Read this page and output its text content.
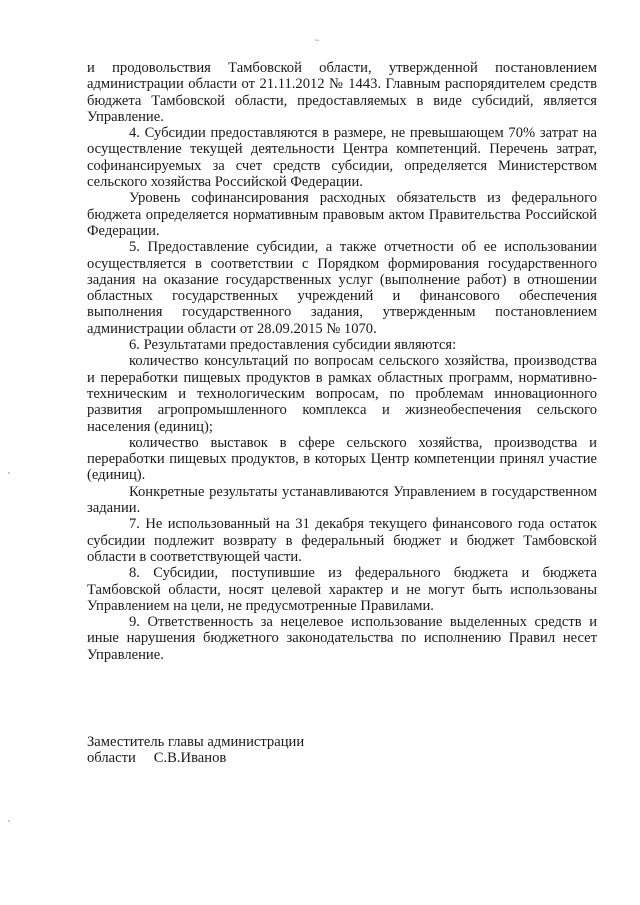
~

и продовольствия Тамбовской области, утвержденной постановлением администрации области от 21.11.2012 № 1443. Главным распорядителем средств бюджета Тамбовской области, предоставляемых в виде субсидий, является Управление.

4. Субсидии предоставляются в размере, не превышающем 70% затрат на осуществление текущей деятельности Центра компетенций. Перечень затрат, софинансируемых за счет средств субсидии, определяется Министерством сельского хозяйства Российской Федерации.

Уровень софинансирования расходных обязательств из федерального бюджета определяется нормативным правовым актом Правительства Российской Федерации.

5. Предоставление субсидии, а также отчетности об ее использовании осуществляется в соответствии с Порядком формирования государственного задания на оказание государственных услуг (выполнение работ) в отношении областных государственных учреждений и финансового обеспечения выполнения государственного задания, утвержденным постановлением администрации области от 28.09.2015 № 1070.

6. Результатами предоставления субсидии являются:

количество консультаций по вопросам сельского хозяйства, производства и переработки пищевых продуктов в рамках областных программ, нормативно-техническим и технологическим вопросам, по проблемам инновационного развития агропромышленного комплекса и жизнеобеспечения сельского населения (единиц);

количество выставок в сфере сельского хозяйства, производства и переработки пищевых продуктов, в которых Центр компетенции принял участие (единиц).

Конкретные результаты устанавливаются Управлением в государственном задании.

7. Не использованный на 31 декабря текущего финансового года остаток субсидии подлежит возврату в федеральный бюджет и бюджет Тамбовской области в соответствующей части.

8. Субсидии, поступившие из федерального бюджета и бюджета Тамбовской области, носят целевой характер и не могут быть использованы Управлением на цели, не предусмотренные Правилами.

9. Ответственность за нецелевое использование выделенных средств и иные нарушения бюджетного законодательства по исполнению Правил несет Управление.

Заместитель главы администрации
области С.В.Иванов
